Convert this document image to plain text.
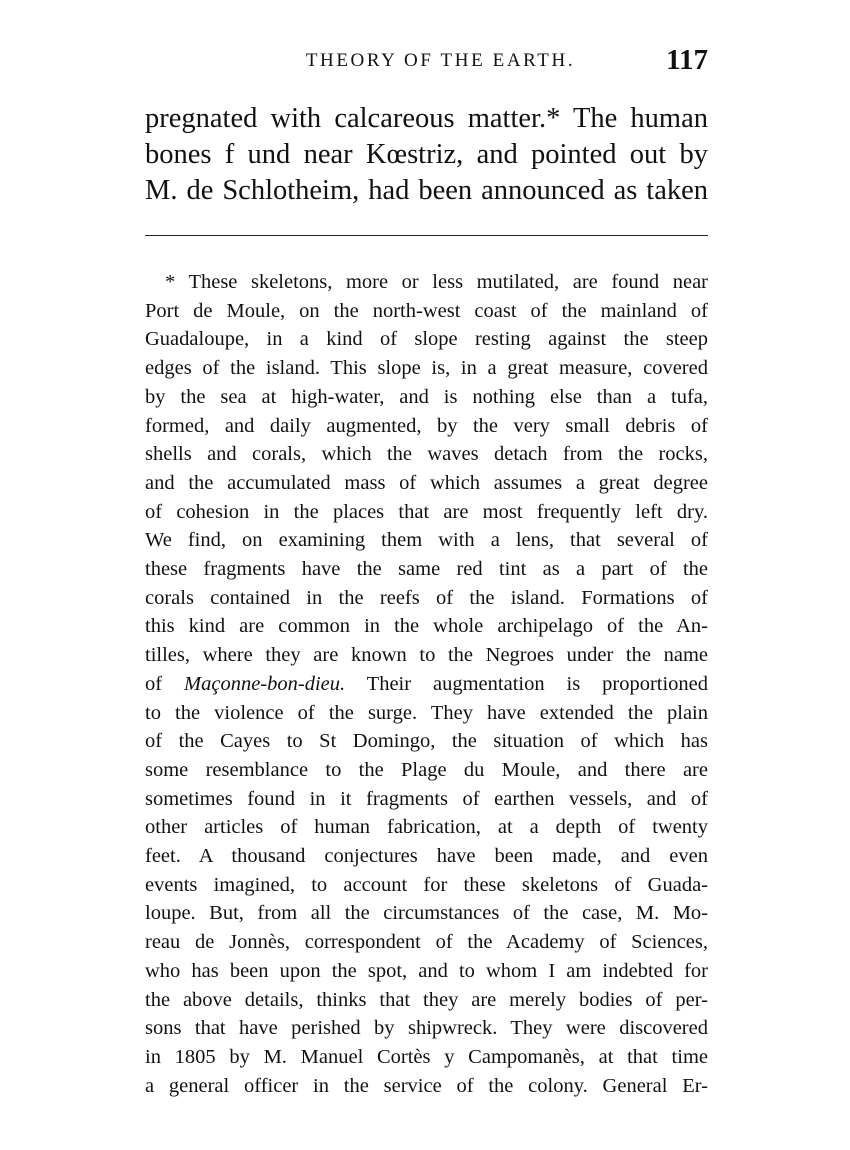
THEORY OF THE EARTH.	117
pregnated with calcareous matter.* The human
bones f und near Kœstriz, and pointed out by
M. de Schlotheim, had been announced as taken
* These skeletons, more or less mutilated, are found near
Port de Moule, on the north-west coast of the mainland of
Guadaloupe, in a kind of slope resting against the steep
edges of the island. This slope is, in a great measure, covered
by the sea at high-water, and is nothing else than a tufa,
formed, and daily augmented, by the very small debris of
shells and corals, which the waves detach from the rocks,
and the accumulated mass of which assumes a great degree
of cohesion in the places that are most frequently left dry.
We find, on examining them with a lens, that several of
these fragments have the same red tint as a part of the
corals contained in the reefs of the island. Formations of
this kind are common in the whole archipelago of the An-
tilles, where they are known to the Negroes under the name
of Maçonne-bon-dieu. Their augmentation is proportioned
to the violence of the surge. They have extended the plain
of the Cayes to St Domingo, the situation of which has
some resemblance to the Plage du Moule, and there are
sometimes found in it fragments of earthen vessels, and of
other articles of human fabrication, at a depth of twenty
feet. A thousand conjectures have been made, and even
events imagined, to account for these skeletons of Guada-
loupe. But, from all the circumstances of the case, M. Mo-
reau de Jonnès, correspondent of the Academy of Sciences,
who has been upon the spot, and to whom I am indebted for
the above details, thinks that they are merely bodies of per-
sons that have perished by shipwreck. They were discovered
in 1805 by M. Manuel Cortès y Campomanès, at that time
a general officer in the service of the colony. General Er-
